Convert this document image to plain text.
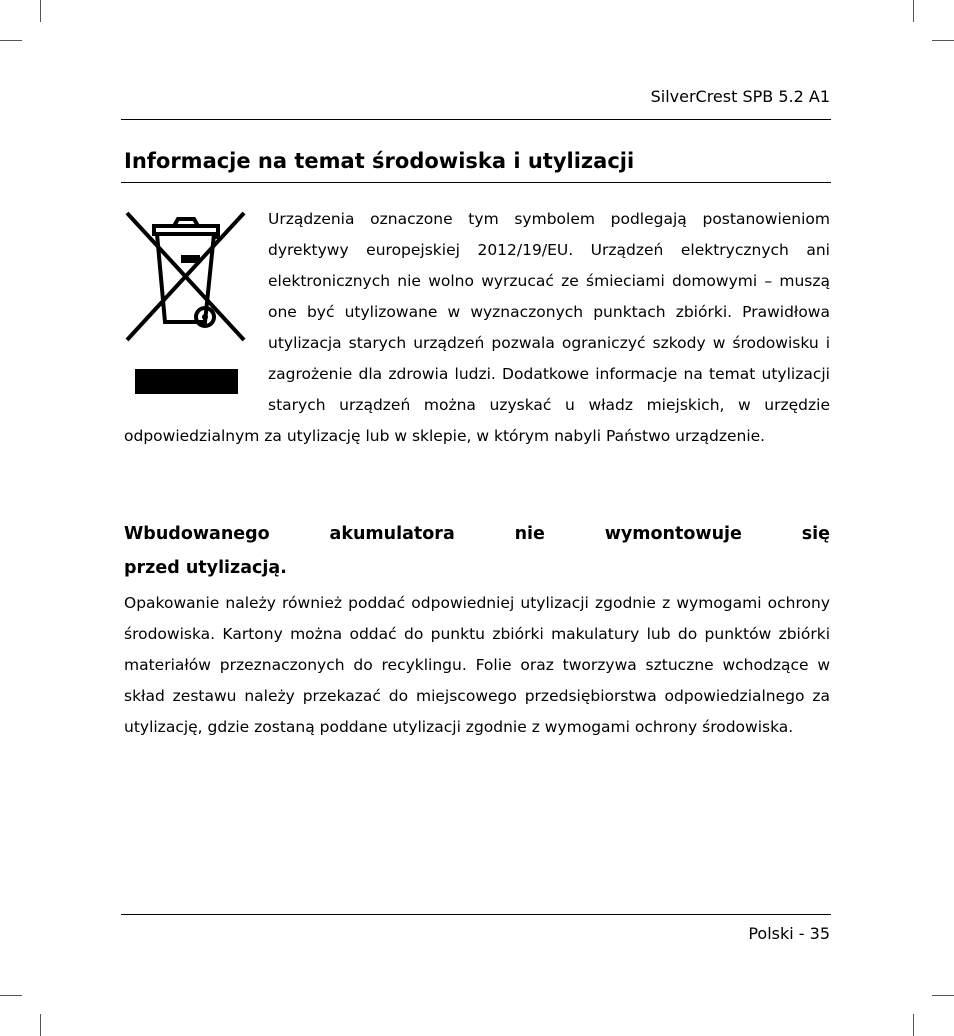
SilverCrest SPB 5.2 A1
Informacje na temat środowiska i utylizacji
Urządzenia oznaczone tym symbolem podlegają postanowieniom dyrektywy europejskiej 2012/19/EU. Urządzeń elektrycznych ani elektronicznych nie wolno wyrzucać ze śmieciami domowymi – muszą one być utylizowane w wyznaczonych punktach zbiórki. Prawidłowa utylizacja starych urządzeń pozwala ograniczyć szkody w środowisku i zagrożenie dla zdrowia ludzi. Dodatkowe informacje na temat utylizacji starych urządzeń można uzyskać u władz miejskich, w urzędzie odpowiedzialnym za utylizację lub w sklepie, w którym nabyli Państwo urządzenie.

Wbudowanego akumulatora nie wymontowuje się
przed utylizacją.

Opakowanie należy również poddać odpowiedniej utylizacji zgodnie z wymogami ochrony środowiska. Kartony można oddać do punktu zbiórki makulatury lub do punktów zbiórki materiałów przeznaczonych do recyklingu. Folie oraz tworzywa sztuczne wchodzące w skład zestawu należy przekazać do miejscowego przedsiębiorstwa odpowiedzialnego za utylizację, gdzie zostaną poddane utylizacji zgodnie z wymogami ochrony środowiska.

Polski - 35
